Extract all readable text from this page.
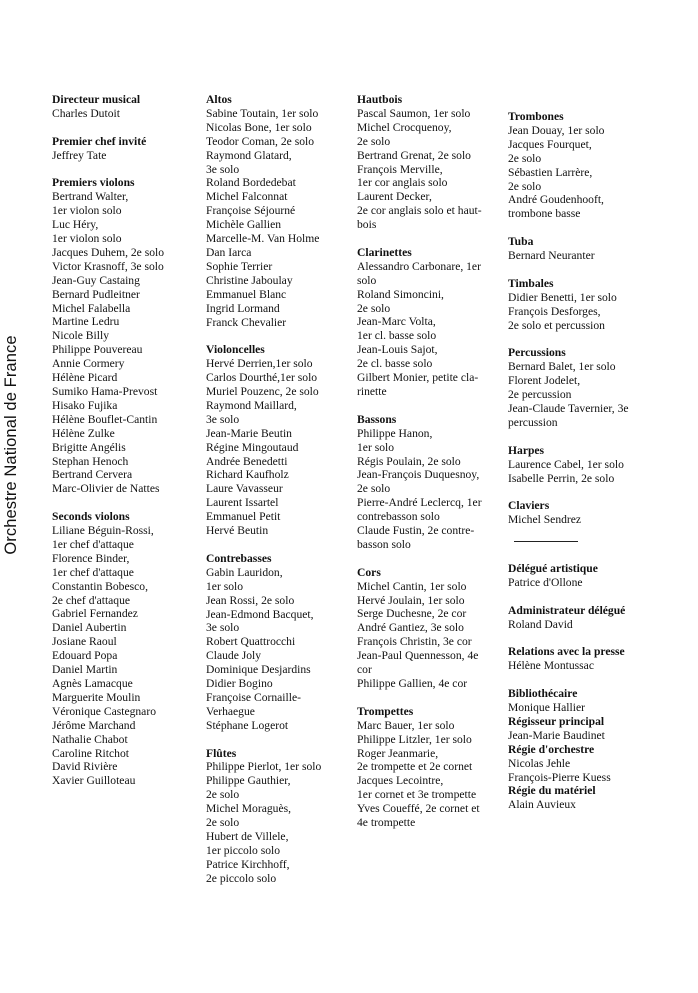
Orchestre National de France
Directeur musical
Charles Dutoit
Premier chef invité
Jeffrey Tate
Premiers violons
Bertrand Walter,
1er violon solo
Luc Héry,
1er violon solo
Jacques Duhem, 2e solo
Victor Krasnoff, 3e solo
Jean-Guy Castaing
Bernard Pudleitner
Michel Falabella
Martine Ledru
Nicole Billy
Philippe Pouvereau
Annie Cormery
Hélène Picard
Sumiko Hama-Prevost
Hisako Fujika
Hélène Bouflet-Cantin
Hélène Zulke
Brigitte Angélis
Stephan Henoch
Bertrand Cervera
Marc-Olivier de Nattes
Seconds violons
Liliane Béguin-Rossi,
1er chef d'attaque
Florence Binder,
1er chef d'attaque
Constantin Bobesco,
2e chef d'attaque
Gabriel Fernandez
Daniel Aubertin
Josiane Raoul
Edouard Popa
Daniel Martin
Agnès Lamacque
Marguerite Moulin
Véronique Castegnaro
Jérôme Marchand
Nathalie Chabot
Caroline Ritchot
David Rivière
Xavier Guilloteau
Altos
Sabine Toutain, 1er solo
Nicolas Bone, 1er solo
Teodor Coman, 2e solo
Raymond Glatard,
3e solo
Roland Bordedebat
Michel Falconnat
Françoise Séjourné
Michèle Gallien
Marcelle-M. Van Holme
Dan Iarca
Sophie Terrier
Christine Jaboulay
Emmanuel Blanc
Ingrid Lormand
Franck Chevalier
Violoncelles
Hervé Derrien,1er solo
Carlos Dourthé,1er solo
Muriel Pouzenc, 2e solo
Raymond Maillard,
3e solo
Jean-Marie Beutin
Régine Mingoutaud
Andrée Benedetti
Richard Kaufholz
Laure Vavasseur
Laurent Issartel
Emmanuel Petit
Hervé Beutin
Contrebasses
Gabin Lauridon,
1er solo
Jean Rossi, 2e solo
Jean-Edmond Bacquet,
3e solo
Robert Quattrocchi
Claude Joly
Dominique Desjardins
Didier Bogino
Françoise Cornaille-
Verhaegue
Stéphane Logerot
Flûtes
Philippe Pierlot, 1er solo
Philippe Gauthier,
2e solo
Michel Moraguès,
2e solo
Hubert de Villele,
1er piccolo solo
Patrice Kirchhoff,
2e piccolo solo
Hautbois
Pascal Saumon, 1er solo
Michel Crocquenoy,
2e solo
Bertrand Grenat, 2e solo
François Merville,
1er cor anglais solo
Laurent Decker,
2e cor anglais solo et haut-
bois
Clarinettes
Alessandro Carbonare, 1er
solo
Roland Simoncini,
2e solo
Jean-Marc Volta,
1er cl. basse solo
Jean-Louis Sajot,
2e cl. basse solo
Gilbert Monier, petite cla-
rinette
Bassons
Philippe Hanon,
1er solo
Régis Poulain, 2e solo
Jean-François Duquesnoy,
2e solo
Pierre-André Leclercq, 1er
contrebasson solo
Claude Fustin, 2e contre-
basson solo
Cors
Michel Cantin, 1er solo
Hervé Joulain, 1er solo
Serge Duchesne, 2e cor
André Gantiez, 3e solo
François Christin, 3e cor
Jean-Paul Quennesson, 4e
cor
Philippe Gallien, 4e cor
Trompettes
Marc Bauer, 1er solo
Philippe Litzler, 1er solo
Roger Jeanmarie,
2e trompette et 2e cornet
Jacques Lecointre,
1er cornet et 3e trompette
Yves Coueffé, 2e cornet et
4e trompette
Trombones
Jean Douay, 1er solo
Jacques Fourquet,
2e solo
Sébastien Larrère,
2e solo
André Goudenhooft,
trombone basse
Tuba
Bernard Neuranter
Timbales
Didier Benetti, 1er solo
François Desforges,
2e solo et percussion
Percussions
Bernard Balet, 1er solo
Florent Jodelet,
2e percussion
Jean-Claude Tavernier, 3e
percussion
Harpes
Laurence Cabel, 1er solo
Isabelle Perrin, 2e solo
Claviers
Michel Sendrez
Délégué artistique
Patrice d'Ollone
Administrateur délégué
Roland David
Relations avec la presse
Hélène Montussac
Bibliothécaire
Monique Hallier
Régisseur principal
Jean-Marie Baudinet
Régie d'orchestre
Nicolas Jehle
François-Pierre Kuess
Régie du matériel
Alain Auvieux
